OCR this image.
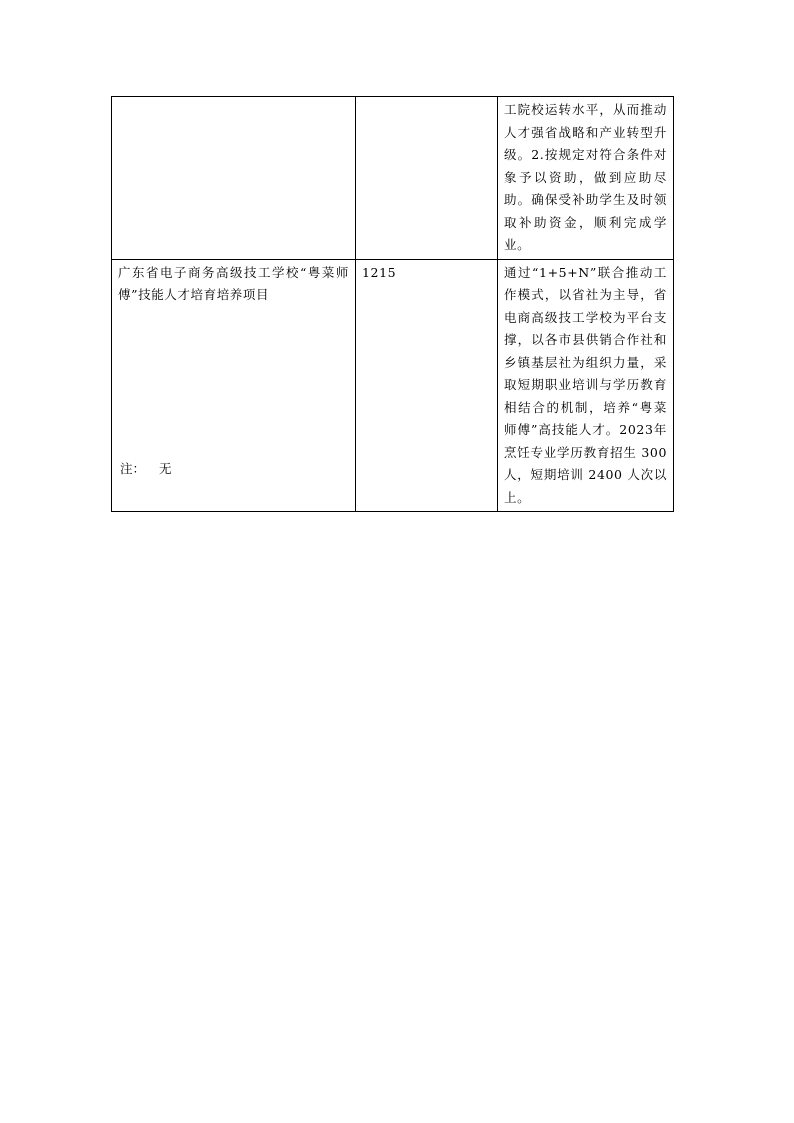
		工院校运转水平，从而推动人才强省战略和产业转型升级。2.按规定对符合条件对象予以资助，做到应助尽助。确保受补助学生及时领取补助资金，顺利完成学业。

广东省电子商务高级技工学校“粤菜师傅”技能人才培育培养项目	1215	通过“1+5+N”联合推动工作模式，以省社为主导，省电商高级技工学校为平台支撑，以各市县供销合作社和乡镇基层社为组织力量，采取短期职业培训与学历教育相结合的机制，培养“粤菜师傅”高技能人才。2023年烹饪专业学历教育招生 300人，短期培训 2400 人次以上。
注： 无
